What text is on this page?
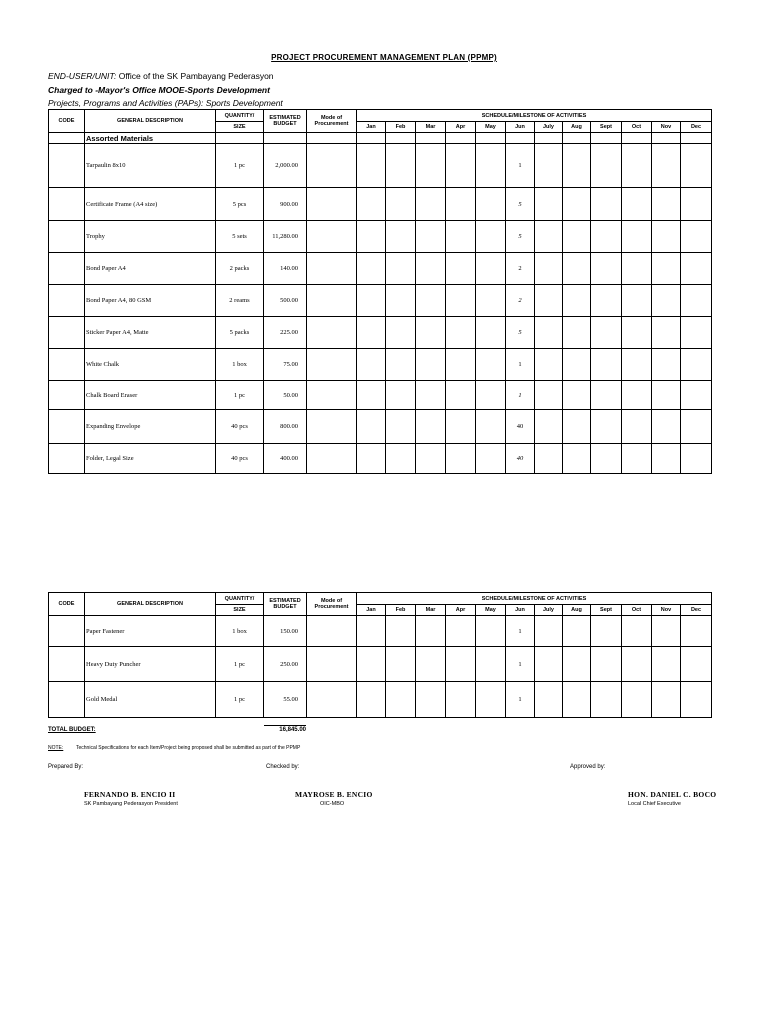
PROJECT PROCUREMENT MANAGEMENT PLAN (PPMP)
END-USER/UNIT: Office of the SK Pambayang Pederasyon
Charged to -Mayor's Office MOOE-Sports Development
Projects, Programs and Activities (PAPs): Sports Development
CODE	GENERAL DESCRIPTION	QUANTITY/	ESTIMATED BUDGET	Mode of Procurement	SCHEDULE/MILESTONE OF ACTIVITIES											
		SIZE			Jan	Feb	Mar	Apr	May	Jun	July	Aug	Sept	Oct	Nov	Dec
	Assorted Materials															
	Tarpaulin 8x10	1 pc	2,000.00							1						
	Certificate Frame (A4 size)	5 pcs	900.00							5						
	Trophy	5 sets	11,280.00							5						
	Bond Paper A4	2 packs	140.00							2						
	Bond Paper A4, 80 GSM	2 reams	500.00							2						
	Sticker Paper A4, Matte	5 packs	225.00							5						
	White Chalk	1 box	75.00							1						
	Chalk Board Eraser	1 pc	50.00							1						
	Expanding Envelope	40 pcs	800.00							40						
	Folder, Legal Size	40 pcs	400.00							40						
CODE	GENERAL DESCRIPTION	QUANTITY/	ESTIMATED BUDGET	Mode of Procurement	SCHEDULE/MILESTONE OF ACTIVITIES											
		SIZE			Jan	Feb	Mar	Apr	May	Jun	July	Aug	Sept	Oct	Nov	Dec
	Paper Fastener	1 box	150.00							1						
	Heavy Duty Puncher	1 pc	250.00							1						
	Gold Medal	1 pc	55.00							1						
TOTAL BUDGET:	16,845.00
NOTE:	Technical Specifications for each Item/Project being proposed shall be submitted as part of the PPMP
Prepared By:	Checked by:	Approved by:
FERNANDO B. ENCIO II	MAYROSE B. ENCIO	HON. DANIEL C. BOCO
SK Pambayang Pederasyon President	OIC-MBO	Local Chief Executive
